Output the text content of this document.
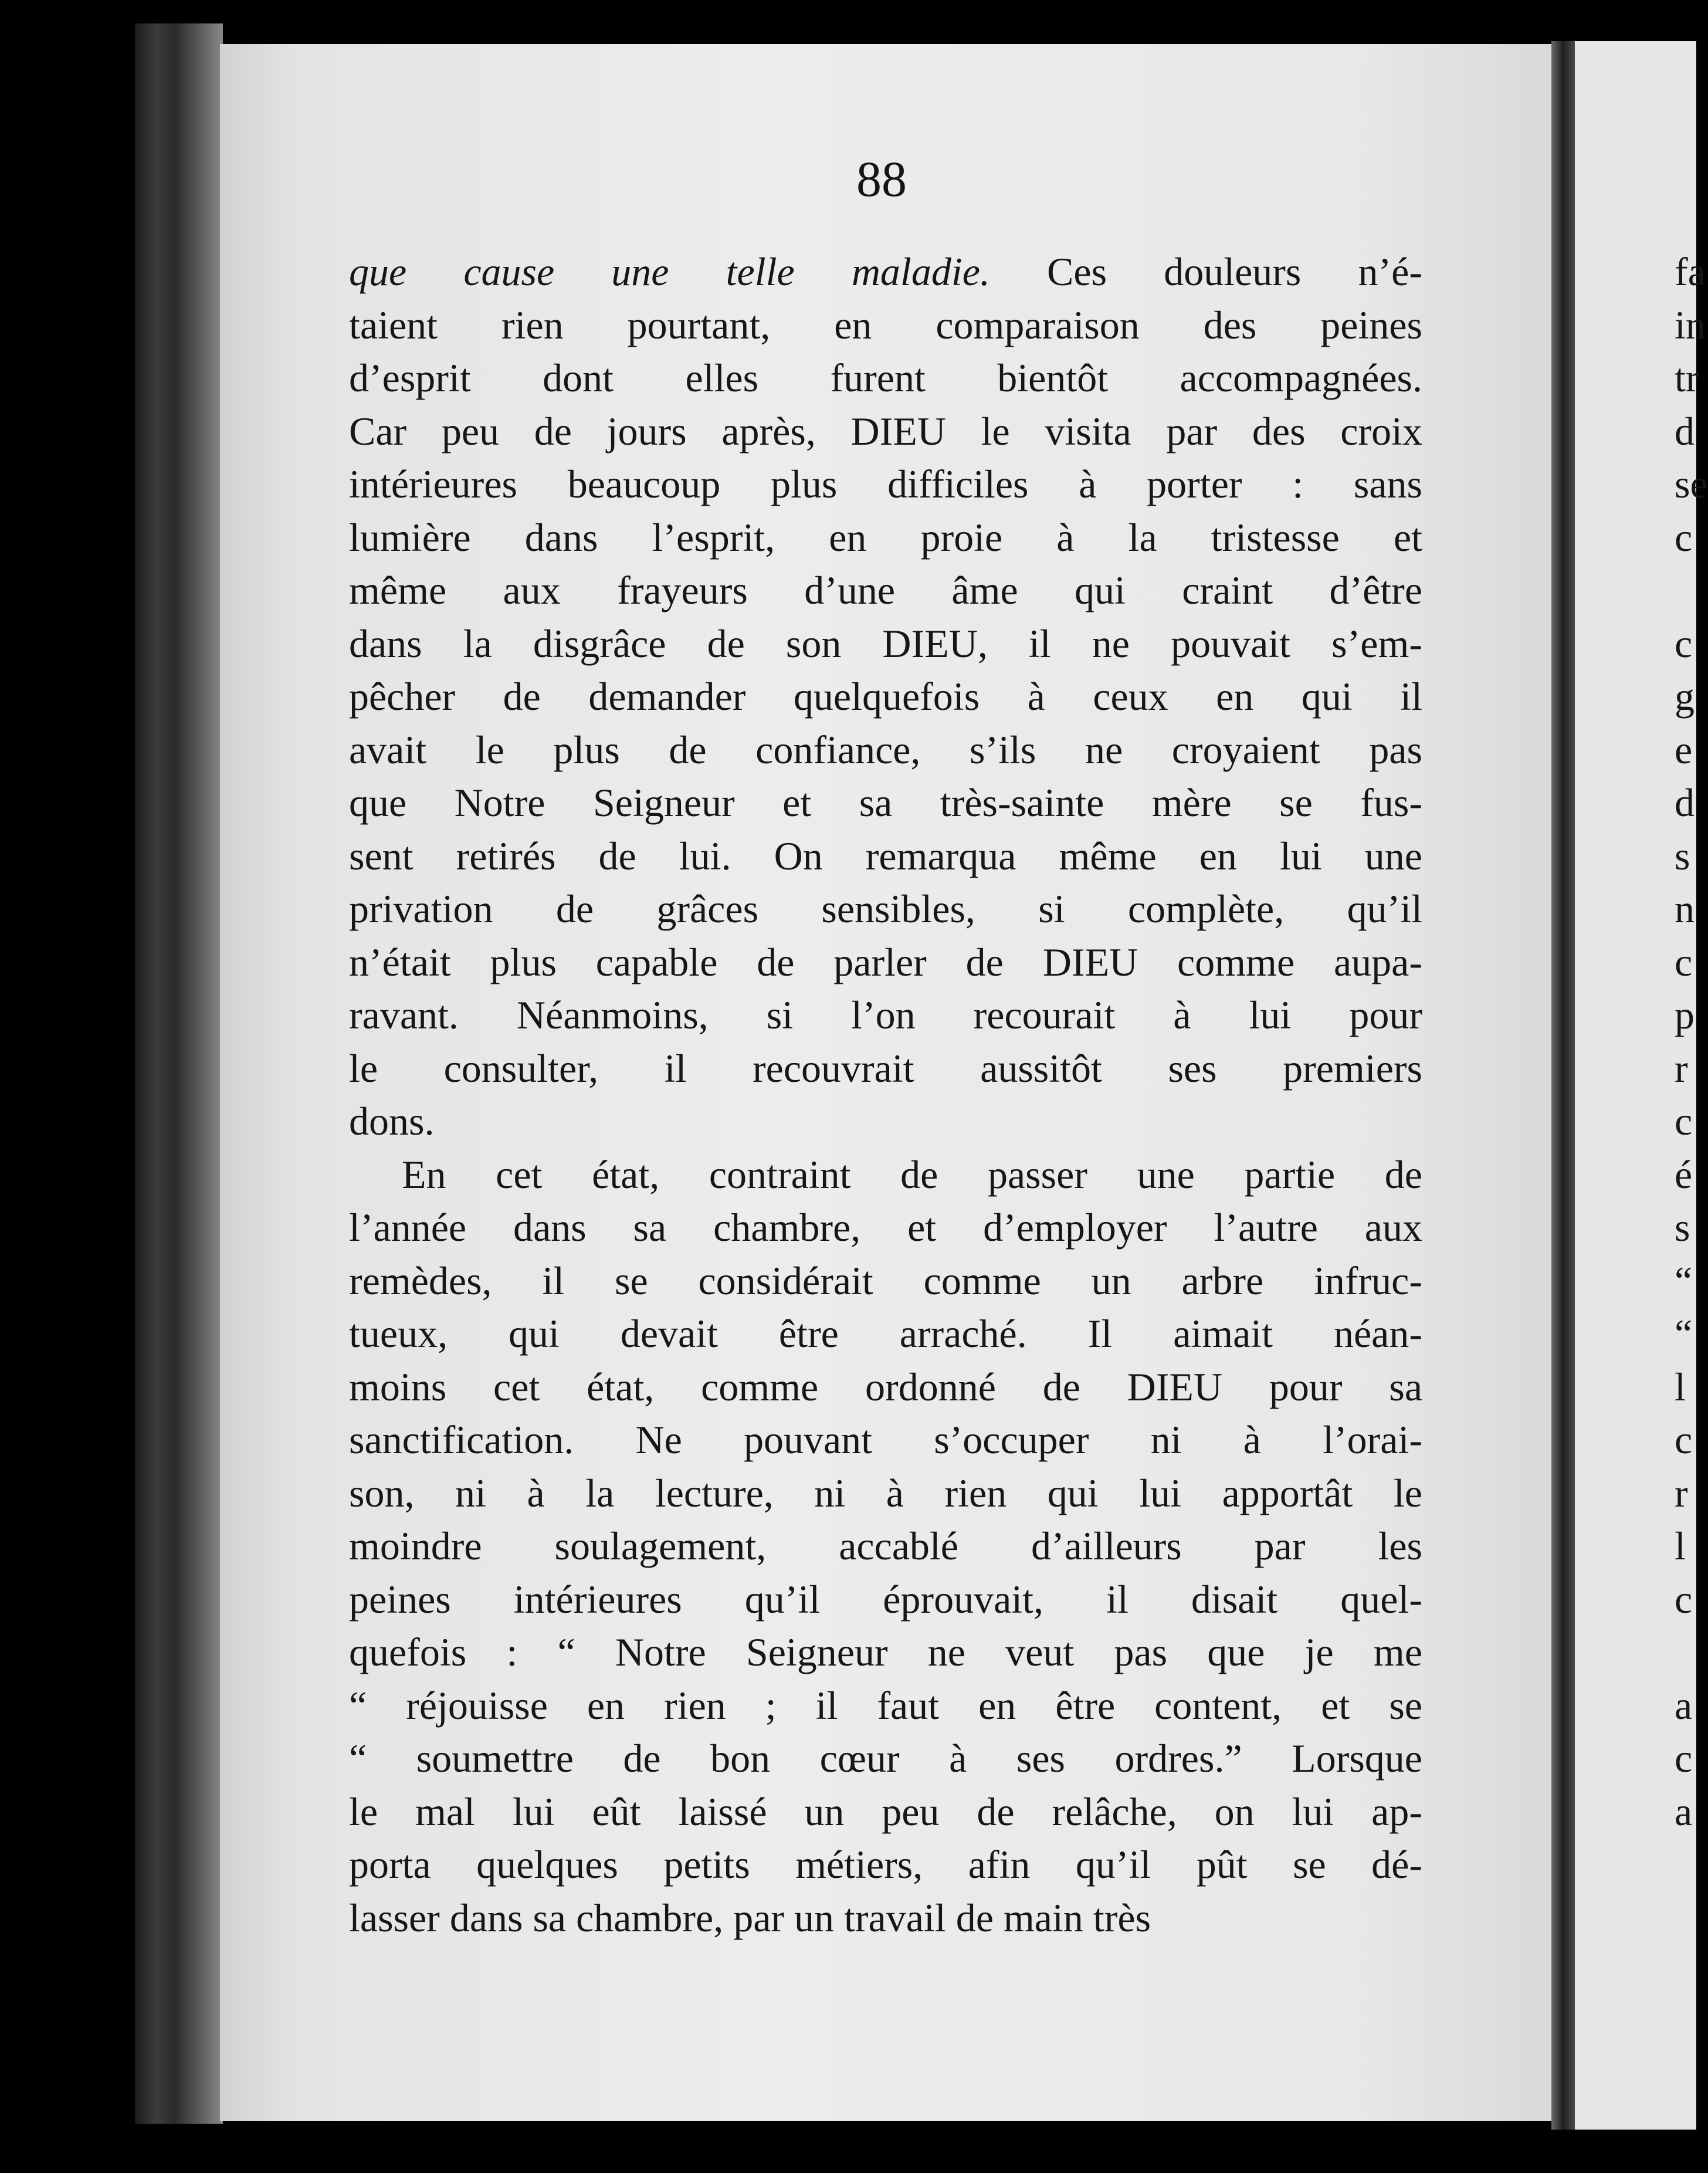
88
que cause une telle maladie. Ces douleurs n’é-
taient rien pourtant, en comparaison des peines
d’esprit dont elles furent bientôt accompagnées.
Car peu de jours après, DIEU le visita par des croix
intérieures beaucoup plus difficiles à porter : sans
lumière dans l’esprit, en proie à la tristesse et
même aux frayeurs d’une âme qui craint d’être
dans la disgrâce de son DIEU, il ne pouvait s’em-
pêcher de demander quelquefois à ceux en qui il
avait le plus de confiance, s’ils ne croyaient pas
que Notre Seigneur et sa très-sainte mère se fus-
sent retirés de lui. On remarqua même en lui une
privation de grâces sensibles, si complète, qu’il
n’était plus capable de parler de DIEU comme aupa-
ravant. Néanmoins, si l’on recourait à lui pour
le consulter, il recouvrait aussitôt ses premiers
dons.
En cet état, contraint de passer une partie de
l’année dans sa chambre, et d’employer l’autre aux
remèdes, il se considérait comme un arbre infruc-
tueux, qui devait être arraché. Il aimait néan-
moins cet état, comme ordonné de DIEU pour sa
sanctification. Ne pouvant s’occuper ni à l’orai-
son, ni à la lecture, ni à rien qui lui apportât le
moindre soulagement, accablé d’ailleurs par les
peines intérieures qu’il éprouvait, il disait quel-
quefois : “ Notre Seigneur ne veut pas que je me
“ réjouisse en rien ; il faut en être content, et se
“ soumettre de bon cœur à ses ordres.” Lorsque
le mal lui eût laissé un peu de relâche, on lui ap-
porta quelques petits métiers, afin qu’il pût se dé-
lasser dans sa chambre, par un travail de main très
fa
in
tr
d
se
c
c
g
e
d
s
n
c
p
r
c
é
s
“
“
l
c
r
l
c
a
c
a
